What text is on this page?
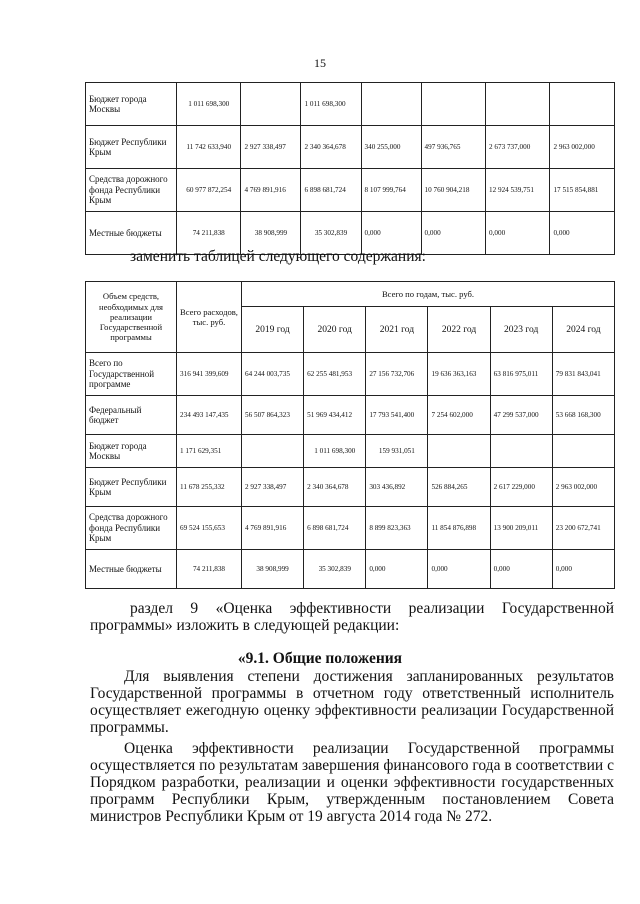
15
Бюджет города Москвы	1 011 698,300		1 011 698,300				
Бюджет Республики Крым	11 742 633,940	2 927 338,497	2 340 364,678	340 255,000	497 936,765	2 673 737,000	2 963 002,000
Средства дорожного фонда Республики Крым	60 977 872,254	4 769 891,916	6 898 681,724	8 107 999,764	10 760 904,218	12 924 539,751	17 515 854,881
Местные бюджеты	74 211,838	38 908,999	35 302,839	0,000	0,000	0,000	0,000
заменить таблицей следующего содержания:
Объем средств, необходимых для реализации Государственной программы	Всего расходов, тыс. руб.	Всего по годам, тыс. руб.					
		2019 год	2020 год	2021 год	2022 год	2023 год	2024 год
Всего по Государственной программе	316 941 399,609	64 244 003,735	62 255 481,953	27 156 732,706	19 636 363,163	63 816 975,011	79 831 843,041
Федеральный бюджет	234 493 147,435	56 507 864,323	51 969 434,412	17 793 541,400	7 254 602,000	47 299 537,000	53 668 168,300
Бюджет города Москвы	1 171 629,351		1 011 698,300	159 931,051			
Бюджет Республики Крым	11 678 255,332	2 927 338,497	2 340 364,678	303 436,892	526 884,265	2 617 229,000	2 963 002,000
Средства дорожного фонда Республики Крым	69 524 155,653	4 769 891,916	6 898 681,724	8 899 823,363	11 854 876,898	13 900 209,011	23 200 672,741
Местные бюджеты	74 211,838	38 908,999	35 302,839	0,000	0,000	0,000	0,000
раздел 9 «Оценка эффективности реализации Государственной
программы» изложить в следующей редакции:
«9.1. Общие положения
Для выявления степени достижения запланированных результатов Государственной программы в отчетном году ответственный исполнитель осуществляет ежегодную оценку эффективности реализации Государственной программы.
Оценка эффективности реализации Государственной программы осуществляется по результатам завершения финансового года в соответствии с Порядком разработки, реализации и оценки эффективности государственных программ Республики Крым, утвержденным постановлением Совета министров Республики Крым от 19 августа 2014 года № 272.
